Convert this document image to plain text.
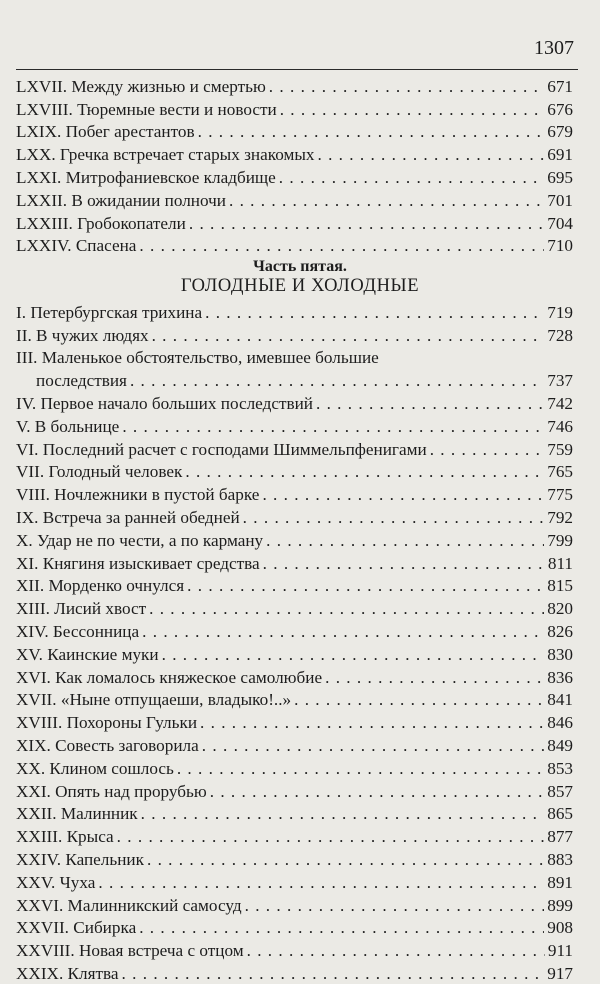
1307
LXVII. Между жизнью и смертью . . .	671
LXVIII. Тюремные вести и новости . . .	676
LXIX. Побег арестантов . . .	679
LXX. Гречка встречает старых знакомых . . .	691
LXXI. Митрофаниевское кладбище . . .	695
LXXII. В ожидании полночи . . .	701
LXXIII. Гробокопатели . . .	704
LXXIV. Спасена . . .	710
Часть пятая.
ГОЛОДНЫЕ И ХОЛОДНЫЕ
I. Петербургская трихина . . .	719
II. В чужих людях . . .	728
III. Маленькое обстоятельство, имевшее большие
последствия . . .	737
IV. Первое начало больших последствий . . .	742
V. В больнице . . .	746
VI. Последний расчет с господами Шиммельпфенигами . . .	759
VII. Голодный человек . . .	765
VIII. Ночлежники в пустой барке . . .	775
IX. Встреча за ранней обедней . . .	792
X. Удар не по чести, а по карману . . .	799
XI. Княгиня изыскивает средства . . .	811
XII. Морденко очнулся . . .	815
XIII. Лисий хвост . . .	820
XIV. Бессонница . . .	826
XV. Каинские муки . . .	830
XVI. Как ломалось княжеское самолюбие . . .	836
XVII. «Ныне отпущаеши, владыко!..» . . .	841
XVIII. Похороны Гульки . . .	846
XIX. Совесть заговорила . . .	849
XX. Клином сошлось . . .	853
XXI. Опять над прорубью . . .	857
XXII. Малинник . . .	865
XXIII. Крыса . . .	877
XXIV. Капельник . . .	883
XXV. Чуха . . .	891
XXVI. Малинникский самосуд . . .	899
XXVII. Сибирка . . .	908
XXVIII. Новая встреча с отцом . . .	911
XXIX. Клятва . . .	917
